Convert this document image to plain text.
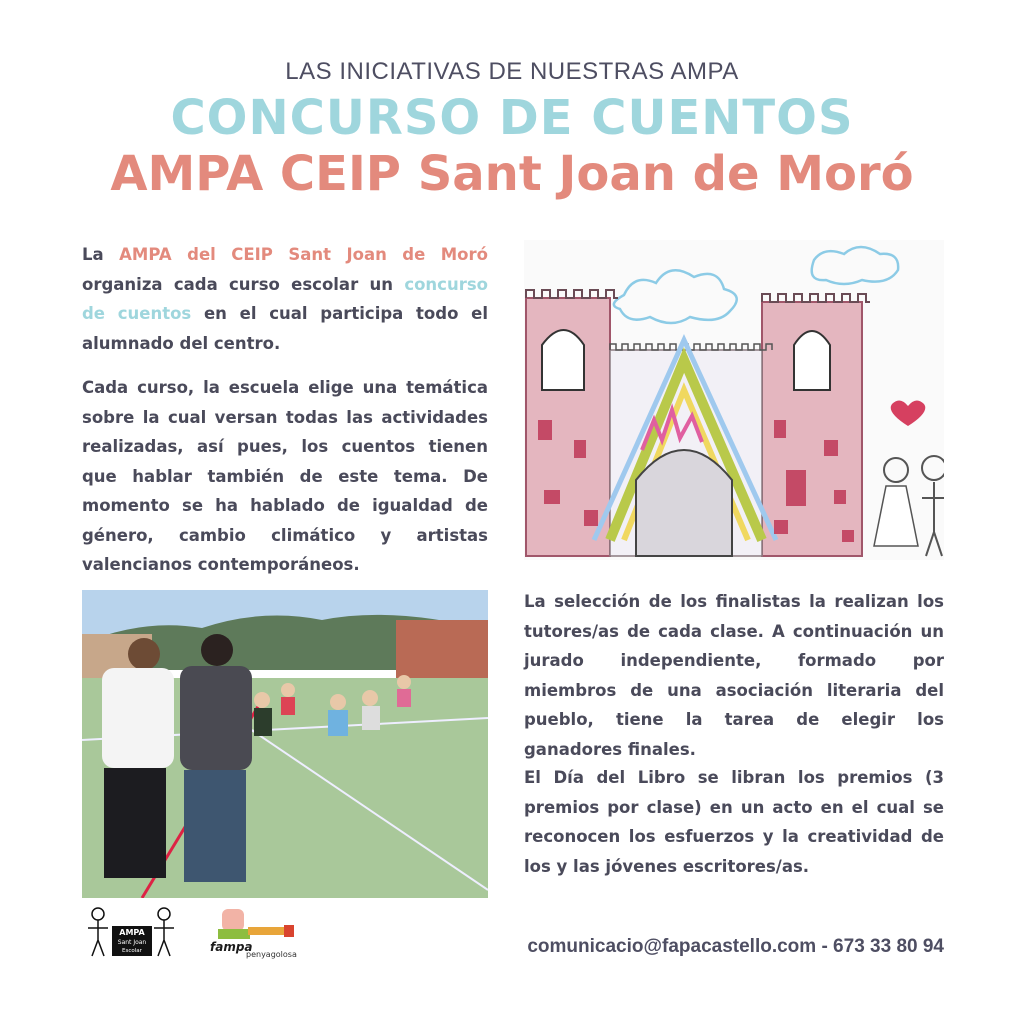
LAS INICIATIVAS DE NUESTRAS AMPA
CONCURSO DE CUENTOS
AMPA CEIP Sant Joan de Moró
La AMPA del CEIP Sant Joan de Moró organiza cada curso escolar un concurso de cuentos en el cual participa todo el alumnado del centro.
Cada curso, la escuela elige una temática sobre la cual versan todas las actividades realizadas, así pues, los cuentos tienen que hablar también de este tema. De momento se ha hablado de igualdad de género, cambio climático y artistas valencianos contemporáneos.
La selección de los finalistas la realizan los tutores/as de cada clase. A continuación un jurado independiente, formado por miembros de una asociación literaria del pueblo, tiene la tarea de elegir los ganadores finales.
El Día del Libro se libran los premios (3 premios por clase) en un acto en el cual se reconocen los esfuerzos y la creatividad de los y las jóvenes escritores/as.
AMPA
Sant Joan
Escolar	fampa
penyagolosa	comunicacio@fapacastello.com - 673 33 80 94
